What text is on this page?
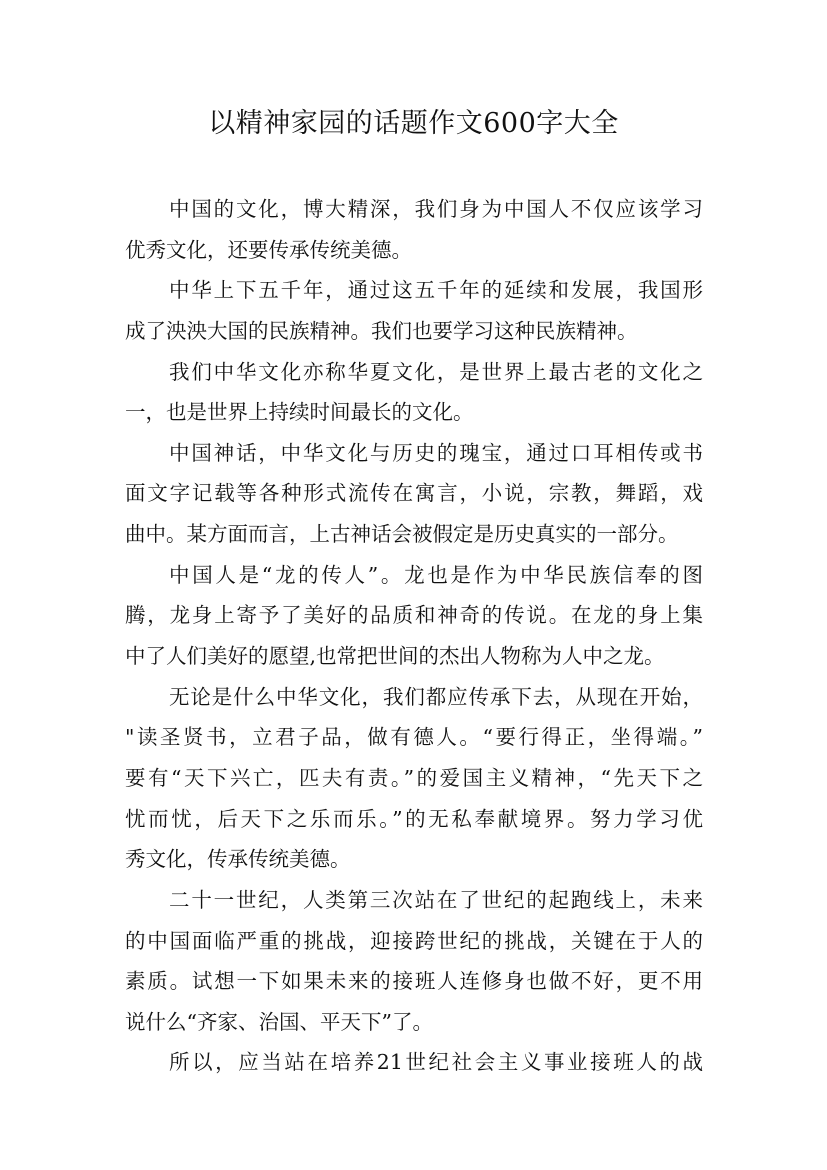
以精神家园的话题作文600字大全
中国的文化，博大精深，我们身为中国人不仅应该学习
优秀文化，还要传承传统美德。
中华上下五千年，通过这五千年的延续和发展，我国形
成了泱泱大国的民族精神。我们也要学习这种民族精神。
我们中华文化亦称华夏文化，是世界上最古老的文化之
一，也是世界上持续时间最长的文化。
中国神话，中华文化与历史的瑰宝，通过口耳相传或书
面文字记载等各种形式流传在寓言，小说，宗教，舞蹈，戏
曲中。某方面而言，上古神话会被假定是历史真实的一部分。
中国人是“龙的传人”。龙也是作为中华民族信奉的图
腾，龙身上寄予了美好的品质和神奇的传说。在龙的身上集
中了人们美好的愿望,也常把世间的杰出人物称为人中之龙。
无论是什么中华文化，我们都应传承下去，从现在开始，
"读圣贤书，立君子品，做有德人。“要行得正，坐得端。”
要有“天下兴亡，匹夫有责。”的爱国主义精神，“先天下之
忧而忧，后天下之乐而乐。”的无私奉献境界。努力学习优
秀文化，传承传统美德。
二十一世纪，人类第三次站在了世纪的起跑线上，未来
的中国面临严重的挑战，迎接跨世纪的挑战，关键在于人的
素质。试想一下如果未来的接班人连修身也做不好，更不用
说什么“齐家、治国、平天下”了。
所以，应当站在培养21世纪社会主义事业接班人的战
